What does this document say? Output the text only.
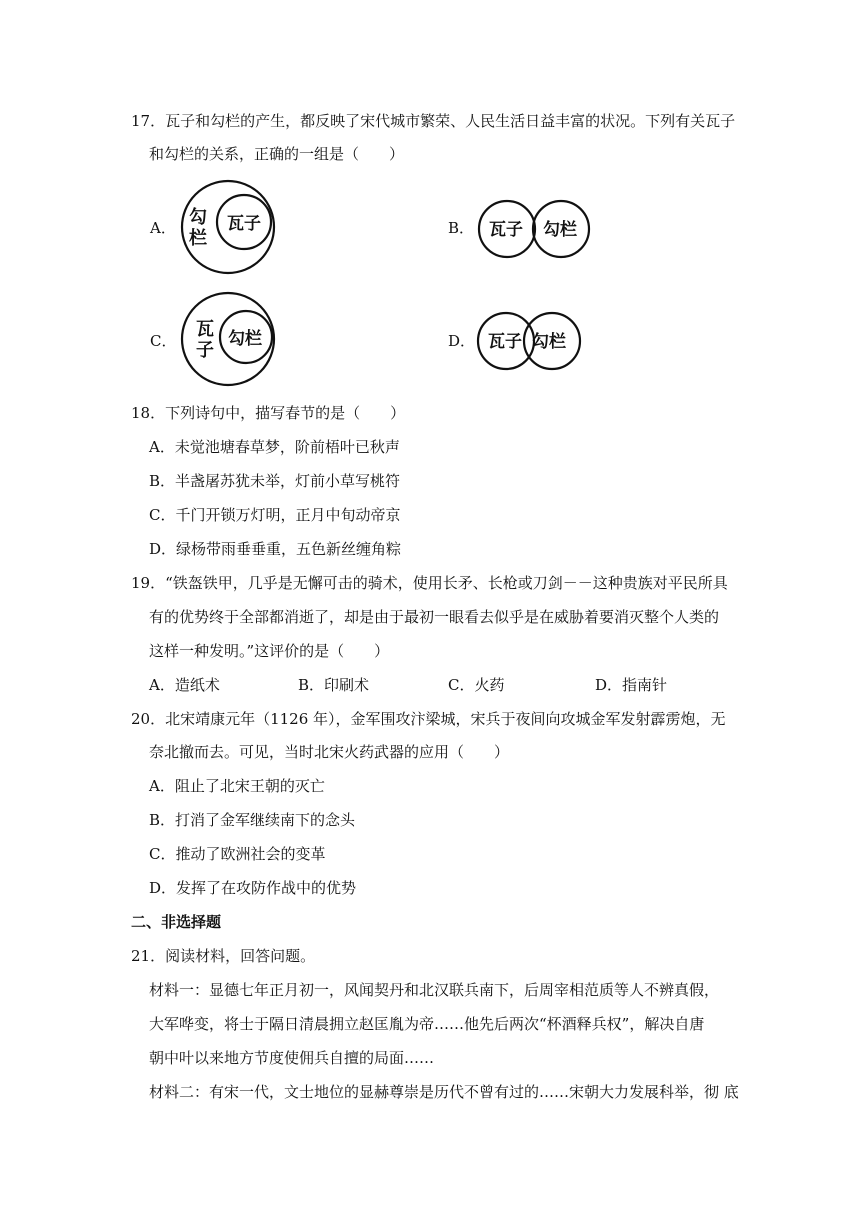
17．瓦子和勾栏的产生，都反映了宋代城市繁荣、人民生活日益丰富的状况。下列有关瓦子
和勾栏的关系，正确的一组是（　　）
A． 勾
栏
瓦子	B． 瓦子 勾栏
C．
瓦
子
勾栏	D． 瓦子 勾栏
18．下列诗句中，描写春节的是（　　）
A．未觉池塘春草梦，阶前梧叶已秋声
B．半盏屠苏犹未举，灯前小草写桃符
C．千门开锁万灯明，正月中旬动帝京
D．绿杨带雨垂垂重，五色新丝缠角粽
19．“铁盔铁甲，几乎是无懈可击的骑术，使用长矛、长枪或刀剑－－这种贵族对平民所具
有的优势终于全部都消逝了，却是由于最初一眼看去似乎是在威胁着要消灭整个人类的
这样一种发明。”这评价的是（　　）
A．造纸术	B．印刷术	C．火药	D．指南针
20．北宋靖康元年（1126 年），金军围攻汴梁城，宋兵于夜间向攻城金军发射霹雳炮，无
奈北撤而去。可见，当时北宋火药武器的应用（　　）
A．阻止了北宋王朝的灭亡
B．打消了金军继续南下的念头
C．推动了欧洲社会的变革
D．发挥了在攻防作战中的优势
二、非选择题
21．阅读材料，回答问题。
材料一：显德七年正月初一，风闻契丹和北汉联兵南下，后周宰相范质等人不辨真假，
大军哗变，将士于隔日清晨拥立赵匡胤为帝……他先后两次“杯酒释兵权”，解决自唐
朝中叶以来地方节度使佣兵自擅的局面……
材料二：有宋一代，文士地位的显赫尊崇是历代不曾有过的……宋朝大力发展科举，彻 底
